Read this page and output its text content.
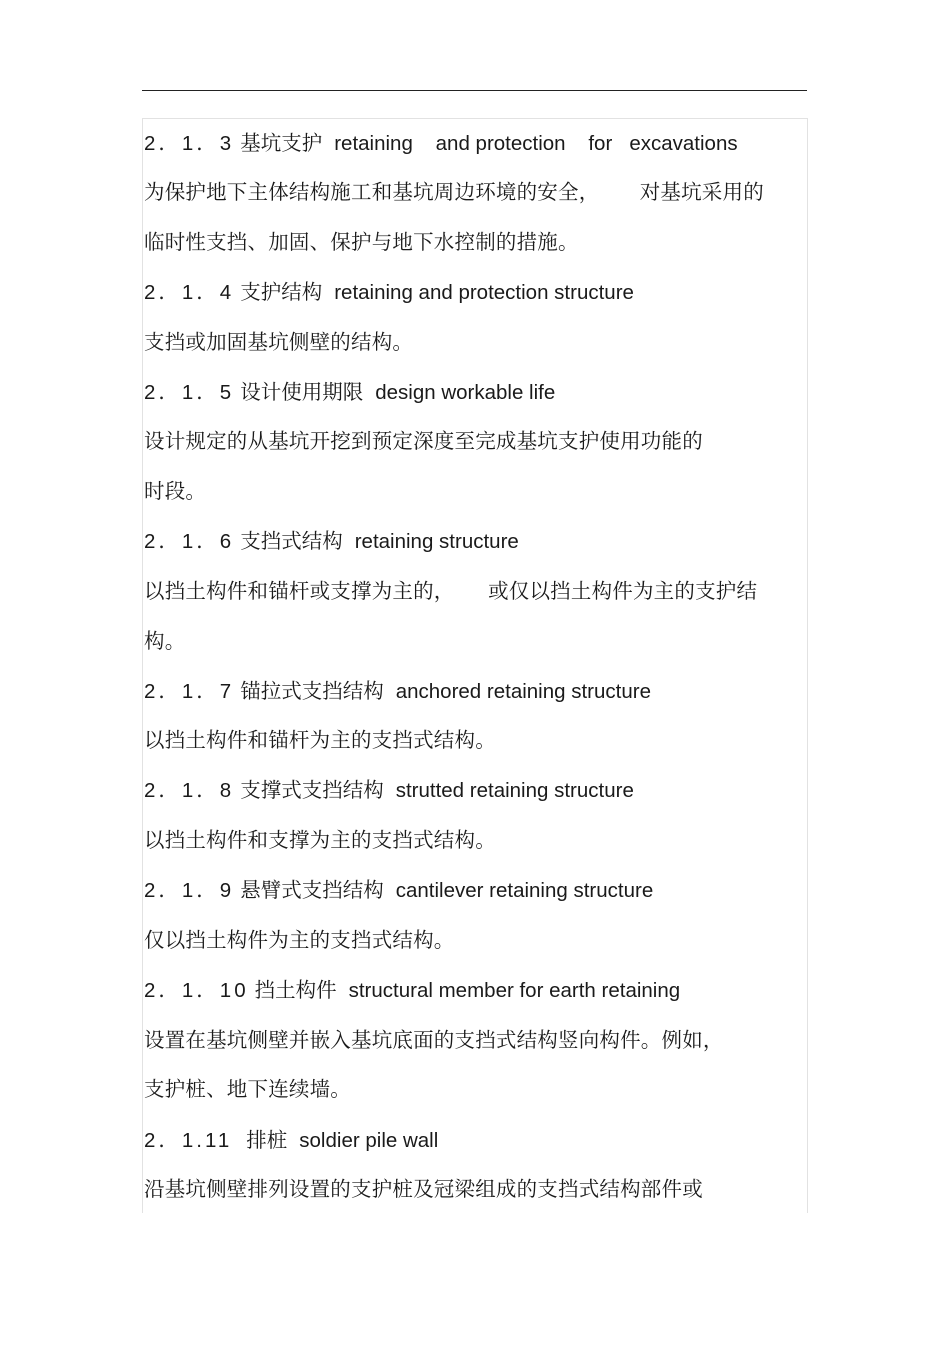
2．1．3 基坑支护 retaining    and protection    for   excavations
为保护地下主体结构施工和基坑周边环境的安全，      对基坑采用的
临时性支挡、加固、保护与地下水控制的措施。
2．1．4 支护结构 retaining and protection structure
支挡或加固基坑侧壁的结构。
2．1．5 设计使用期限 design workable life
设计规定的从基坑开挖到预定深度至完成基坑支护使用功能的
时段。
2．1．6 支挡式结构 retaining structure
以挡土构件和锚杆或支撑为主的，     或仅以挡土构件为主的支护结
构。
2．1．7 锚拉式支挡结构 anchored retaining structure
以挡土构件和锚杆为主的支挡式结构。
2．1．8 支撑式支挡结构 strutted retaining structure
以挡土构件和支撑为主的支挡式结构。
2．1．9 悬臂式支挡结构 cantilever retaining structure
仅以挡土构件为主的支挡式结构。
2．1．10 挡土构件 structural member for earth retaining
设置在基坑侧壁并嵌入基坑底面的支挡式结构竖向构件。例如，
支护桩、地下连续墙。
2．1.11 排桩 soldier pile wall
沿基坑侧壁排列设置的支护桩及冠梁组成的支挡式结构部件或
